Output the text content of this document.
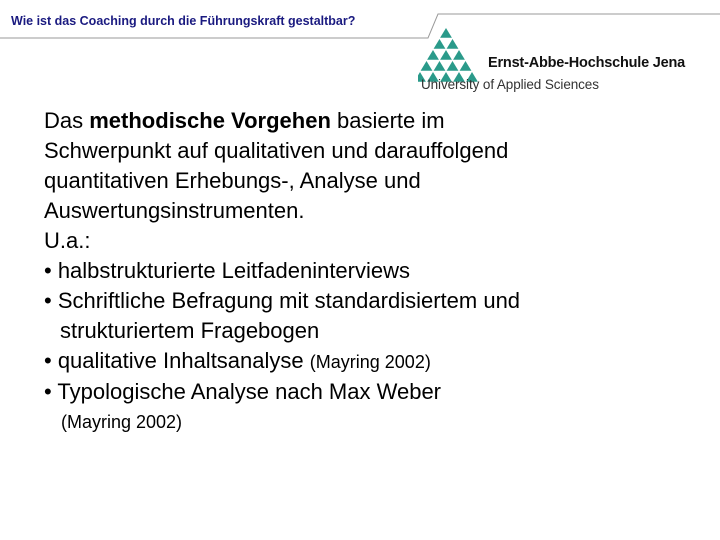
Wie ist das Coaching durch die Führungskraft gestaltbar?
Ernst-Abbe-Hochschule Jena
University of Applied Sciences

Das methodische Vorgehen basierte im

Schwerpunkt auf qualitativen und darauffolgend

quantitativen Erhebungs-, Analyse und

Auswertungsinstrumenten.

U.a.:

• halbstrukturierte Leitfadeninterviews

• Schriftliche Befragung mit standardisiertem und

strukturiertem Fragebogen

• qualitative Inhaltsanalyse (Mayring 2002)

• Typologische Analyse nach Max Weber

(Mayring 2002)
